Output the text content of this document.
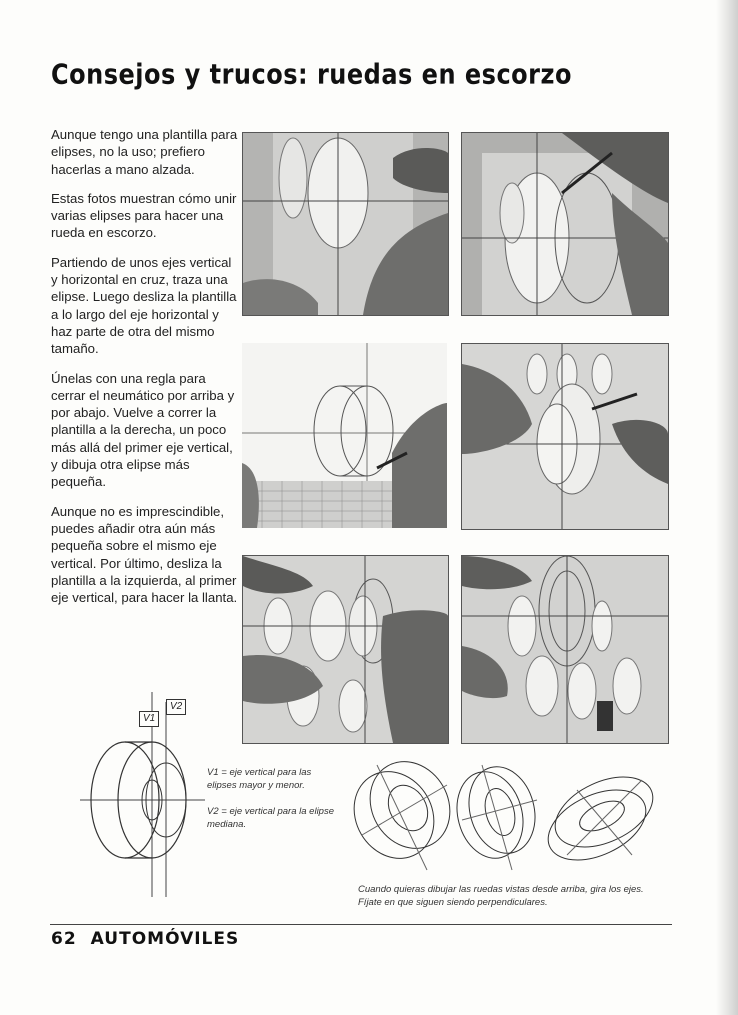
Consejos y trucos: ruedas en escorzo

Aunque tengo una plantilla para elipses, no la uso; prefiero hacerlas a mano alzada.

Estas fotos muestran cómo unir varias elipses para hacer una rueda en escorzo.

Partiendo de unos ejes vertical y horizontal en cruz, traza una elipse. Luego desliza la plantilla a lo largo del eje horizontal y haz parte de otra del mismo tamaño.

Únelas con una regla para cerrar el neumático por arriba y por abajo. Vuelve a correr la plantilla a la derecha, un poco más allá del primer eje vertical, y dibuja otra elipse más pequeña.

Aunque no es imprescindible, puedes añadir otra aún más pequeña sobre el mismo eje vertical. Por último, desliza la plantilla a la izquierda, al primer eje vertical, para hacer la llanta.

V1
V2
V1 = eje vertical para las elipses mayor y menor.
V2 = eje vertical para la elipse mediana.
Cuando quieras dibujar las ruedas vistas desde arriba, gira los ejes. Fíjate en que siguen siendo perpendiculares.
62 AUTOMÓVILES
